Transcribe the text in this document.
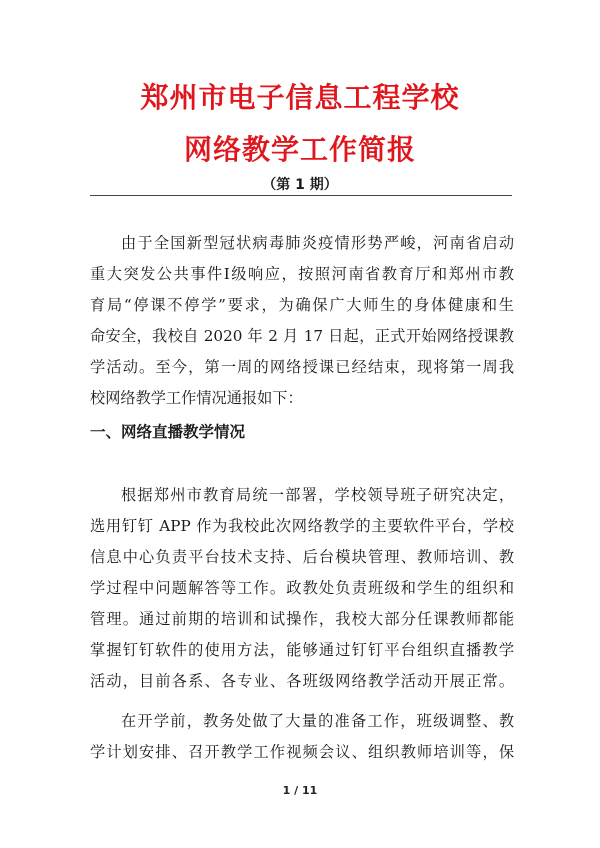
郑州市电子信息工程学校
网络教学工作简报
（第 1 期）
由于全国新型冠状病毒肺炎疫情形势严峻，河南省启动
重大突发公共事件Ⅰ级响应，按照河南省教育厅和郑州市教
育局“停课不停学”要求，为确保广大师生的身体健康和生
命安全，我校自 2020 年 2 月 17 日起，正式开始网络授课教
学活动。至今，第一周的网络授课已经结束，现将第一周我
校网络教学工作情况通报如下：
一、网络直播教学情况
根据郑州市教育局统一部署，学校领导班子研究决定，
选用钉钉 APP 作为我校此次网络教学的主要软件平台，学校
信息中心负责平台技术支持、后台模块管理、教师培训、教
学过程中问题解答等工作。政教处负责班级和学生的组织和
管理。通过前期的培训和试操作，我校大部分任课教师都能
掌握钉钉软件的使用方法，能够通过钉钉平台组织直播教学
活动，目前各系、各专业、各班级网络教学活动开展正常。
在开学前，教务处做了大量的准备工作，班级调整、教
学计划安排、召开教学工作视频会议、组织教师培训等，保
1 / 11
